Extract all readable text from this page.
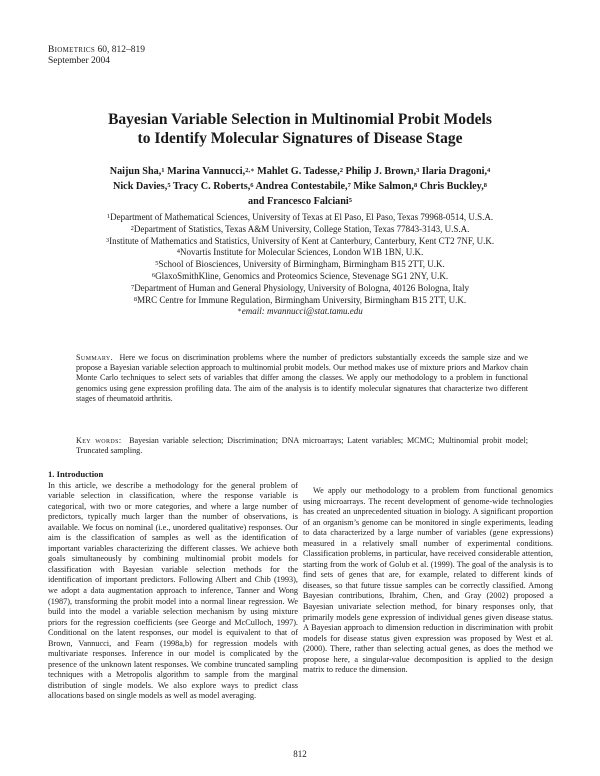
Biometrics 60, 812–819
September 2004
Bayesian Variable Selection in Multinomial Probit Models
to Identify Molecular Signatures of Disease Stage
Naijun Sha,$^1$ Marina Vannucci,$^{2,∗}$ Mahlet G. Tadesse,$^2$ Philip J. Brown,$^3$ Ilaria Dragoni,$^4$
Nick Davies,$^5$ Tracy C. Roberts,$^6$ Andrea Contestabile,$^7$ Mike Salmon,$^8$ Chris Buckley,$^8$
and Francesco Falciani$^5$
$^1$Department of Mathematical Sciences, University of Texas at El Paso, El Paso, Texas 79968-0514, U.S.A.
$^2$Department of Statistics, Texas A&M University, College Station, Texas 77843-3143, U.S.A.
$^3$Institute of Mathematics and Statistics, University of Kent at Canterbury, Canterbury, Kent CT2 7NF, U.K.
$^4$Novartis Institute for Molecular Sciences, London W1B 1BN, U.K.
$^5$School of Biosciences, University of Birmingham, Birmingham B15 2TT, U.K.
$^6$GlaxoSmithKline, Genomics and Proteomics Science, Stevenage SG1 2NY, U.K.
$^7$Department of Human and General Physiology, University of Bologna, 40126 Bologna, Italy
$^8$MRC Centre for Immune Regulation, Birmingham University, Birmingham B15 2TT, U.K.
∗email: mvannucci@stat.tamu.edu
Summary. Here we focus on discrimination problems where the number of predictors substantially exceeds the sample size and we propose a Bayesian variable selection approach to multinomial probit models. Our method makes use of mixture priors and Markov chain Monte Carlo techniques to select sets of variables that differ among the classes. We apply our methodology to a problem in functional genomics using gene expression profiling data. The aim of the analysis is to identify molecular signatures that characterize two different stages of rheumatoid arthritis.
Key words: Bayesian variable selection; Discrimination; DNA microarrays; Latent variables; MCMC; Multinomial probit model; Truncated sampling.
1. Introduction

In this article, we describe a methodology for the general problem of variable selection in classification, where the response variable is categorical, with two or more categories, and where a large number of predictors, typically much larger than the number of observations, is available. We focus on nominal (i.e., unordered qualitative) responses. Our aim is the classification of samples as well as the identification of important variables characterizing the different classes. We achieve both goals simultaneously by combining multinomial probit models for classification with Bayesian variable selection methods for the identification of important predictors. Following Albert and Chib (1993), we adopt a data augmentation approach to inference, Tanner and Wong (1987), transforming the probit model into a normal linear regression. We build into the model a variable selection mechanism by using mixture priors for the regression coefficients (see George and McCulloch, 1997). Conditional on the latent responses, our model is equivalent to that of Brown, Vannucci, and Fearn (1998a,b) for regression models with multivariate responses. Inference in our model is complicated by the presence of the unknown latent responses. We combine truncated sampling techniques with a Metropolis algorithm to sample from the marginal distribution of single models. We also explore ways to predict class allocations based on single models as well as model averaging.

We apply our methodology to a problem from functional genomics using microarrays. The recent development of genome-wide technologies has created an unprecedented situation in biology. A significant proportion of an organism’s genome can be monitored in single experiments, leading to data characterized by a large number of variables (gene expressions) measured in a relatively small number of experimental conditions. Classification problems, in particular, have received considerable attention, starting from the work of Golub et al. (1999). The goal of the analysis is to find sets of genes that are, for example, related to different kinds of diseases, so that future tissue samples can be correctly classified. Among Bayesian contributions, Ibrahim, Chen, and Gray (2002) proposed a Bayesian univariate selection method, for binary responses only, that primarily models gene expression of individual genes given disease status. A Bayesian approach to dimension reduction in discrimination with probit models for disease status given expression was proposed by West et al. (2000). There, rather than selecting actual genes, as does the method we propose here, a singular-value decomposition is applied to the design matrix to reduce the dimension.

812
